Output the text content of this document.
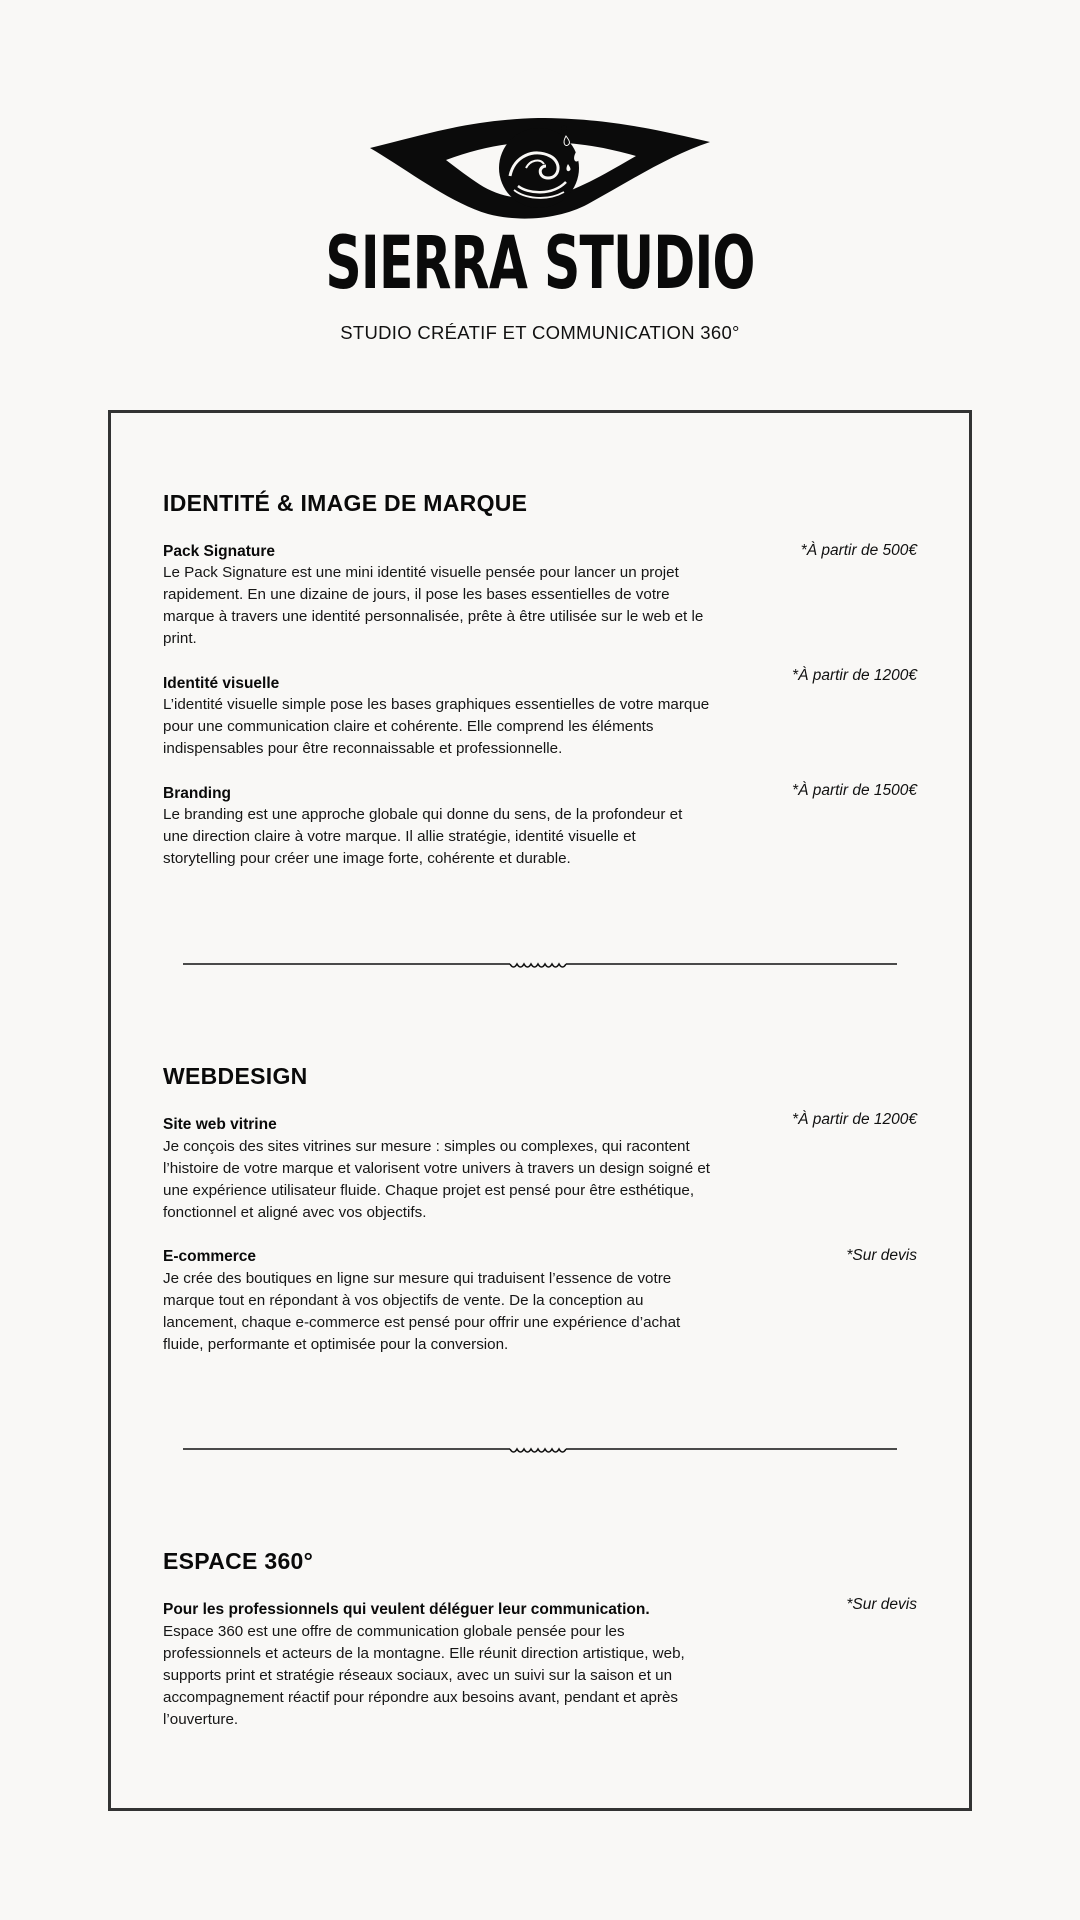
SIERRA STUDIO
STUDIO CRÉATIF ET COMMUNICATION 360°
IDENTITÉ & IMAGE DE MARQUE
Pack Signature	*À partir de 500€
Le Pack Signature est une mini identité visuelle pensée pour lancer un projet rapidement. En une dizaine de jours, il pose les bases essentielles de votre marque à travers une identité personnalisée, prête à être utilisée sur le web et le print.
Identité visuelle	*À partir de 1200€
L’identité visuelle simple pose les bases graphiques essentielles de votre marque pour une communication claire et cohérente. Elle comprend les éléments indispensables pour être reconnaissable et professionnelle.
Branding	*À partir de 1500€
Le branding est une approche globale qui donne du sens, de la profondeur et une direction claire à votre marque. Il allie stratégie, identité visuelle et storytelling pour créer une image forte, cohérente et durable.
WEBDESIGN
Site web vitrine	*À partir de 1200€
Je conçois des sites vitrines sur mesure : simples ou complexes, qui racontent l’histoire de votre marque et valorisent votre univers à travers un design soigné et une expérience utilisateur fluide. Chaque projet est pensé pour être esthétique, fonctionnel et aligné avec vos objectifs.
E-commerce	*Sur devis
Je crée des boutiques en ligne sur mesure qui traduisent l’essence de votre marque tout en répondant à vos objectifs de vente. De la conception au lancement, chaque e-commerce est pensé pour offrir une expérience d’achat fluide, performante et optimisée pour la conversion.
ESPACE 360°
Pour les professionnels qui veulent déléguer leur communication.	*Sur devis
Espace 360 est une offre de communication globale pensée pour les professionnels et acteurs de la montagne. Elle réunit direction artistique, web, supports print et stratégie réseaux sociaux, avec un suivi sur la saison et un accompagnement réactif pour répondre aux besoins avant, pendant et après l’ouverture.
